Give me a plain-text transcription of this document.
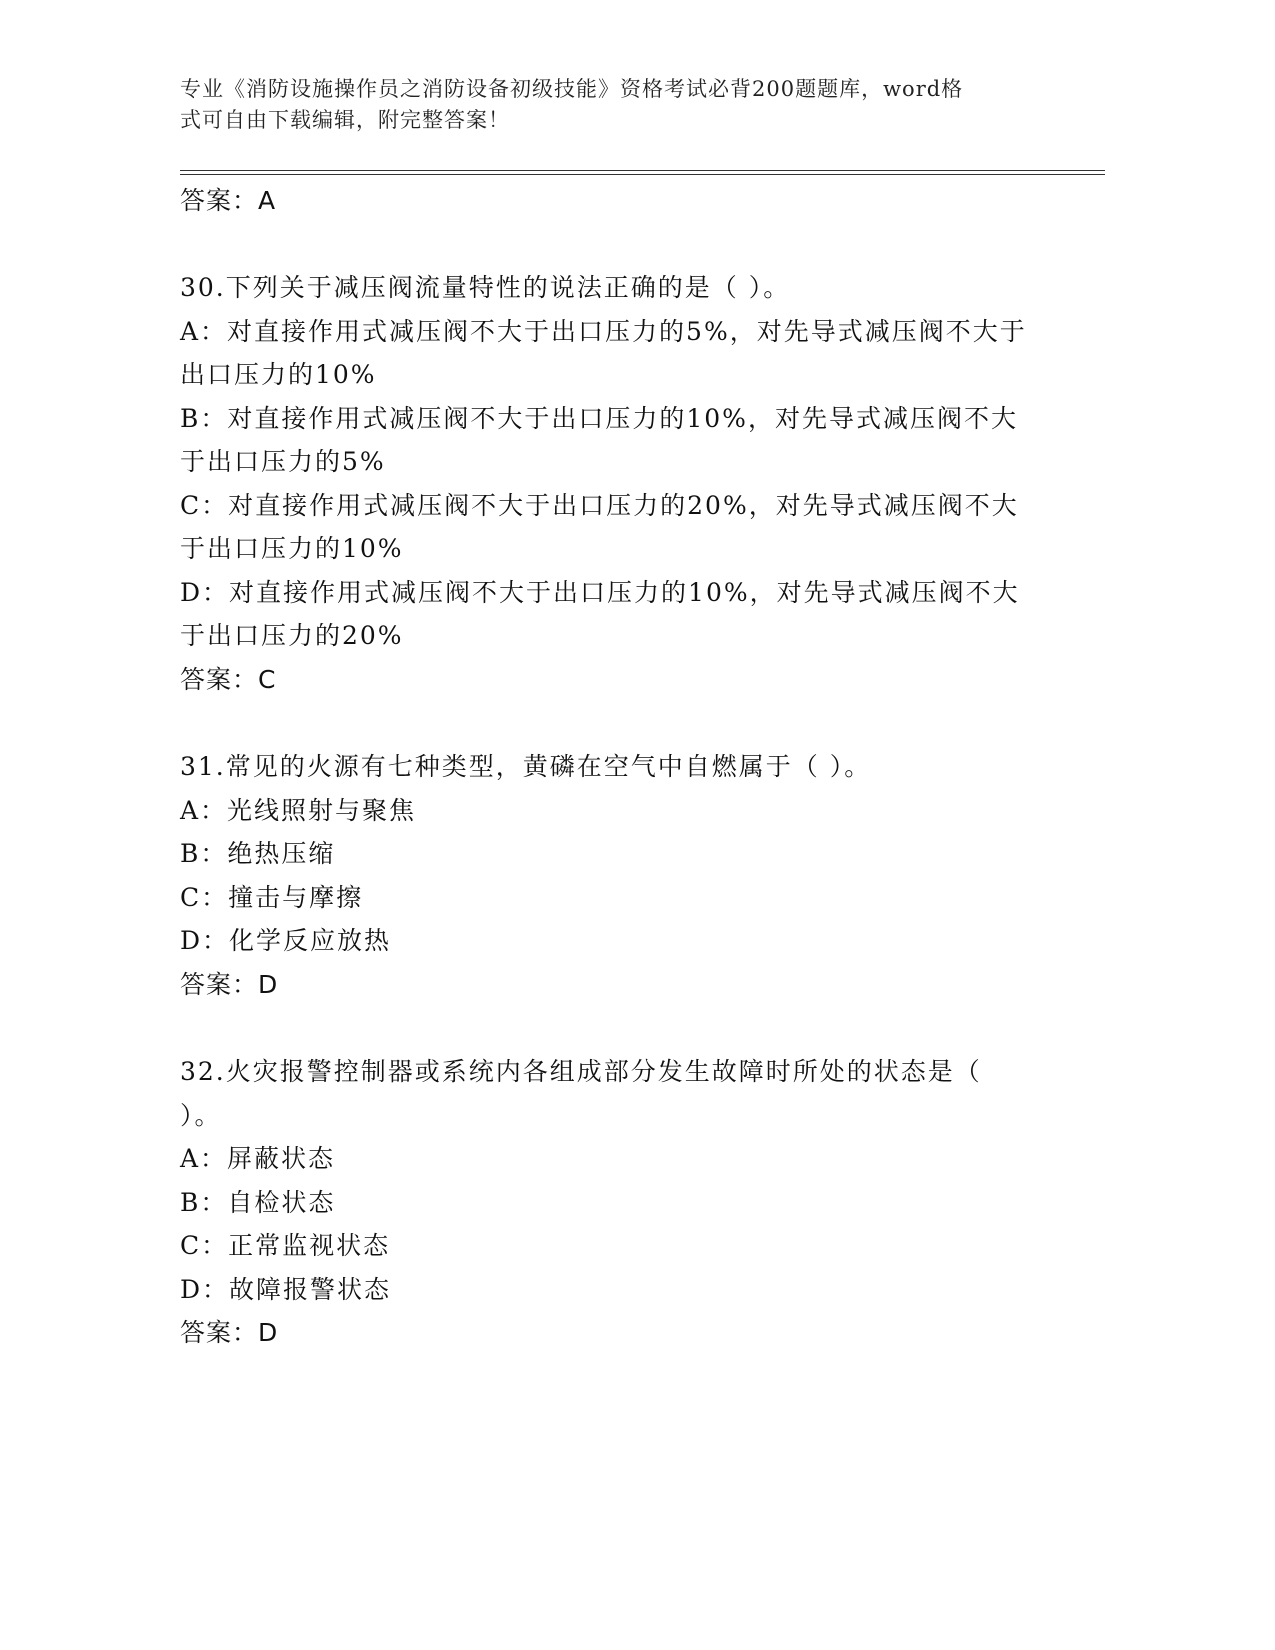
专业《消防设施操作员之消防设备初级技能》资格考试必背200题题库，word格
式可自由下载编辑，附完整答案！
答案：A
30.下列关于减压阀流量特性的说法正确的是（ ）。
A：对直接作用式减压阀不大于出口压力的5%，对先导式减压阀不大于
出口压力的10%
B：对直接作用式减压阀不大于出口压力的10%，对先导式减压阀不大
于出口压力的5%
C：对直接作用式减压阀不大于出口压力的20%，对先导式减压阀不大
于出口压力的10%
D：对直接作用式减压阀不大于出口压力的10%，对先导式减压阀不大
于出口压力的20%
答案：C
31.常见的火源有七种类型，黄磷在空气中自燃属于（ ）。
A：光线照射与聚焦
B：绝热压缩
C：撞击与摩擦
D：化学反应放热
答案：D
32.火灾报警控制器或系统内各组成部分发生故障时所处的状态是（
）。
A：屏蔽状态
B：自检状态
C：正常监视状态
D：故障报警状态
答案：D
